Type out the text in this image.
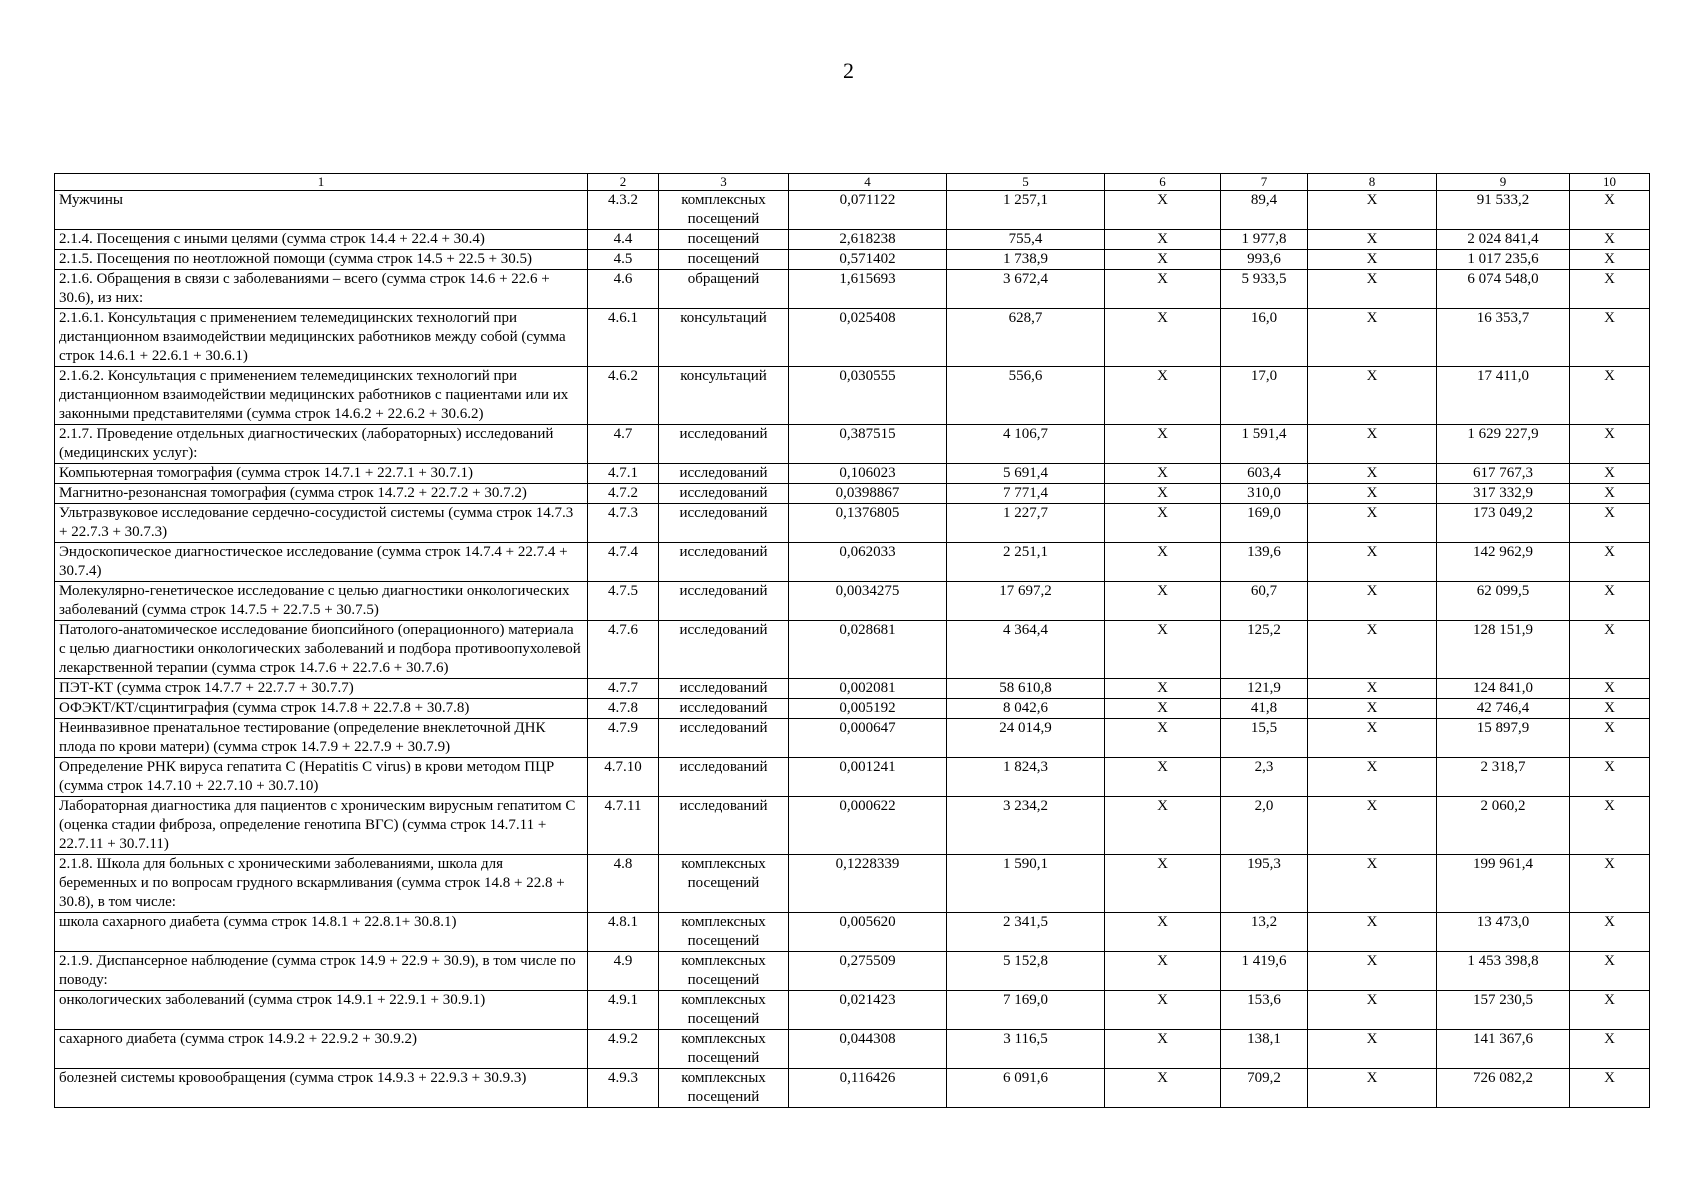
2
1	2	3	4	5	6	7	8	9	10
Мужчины	4.3.2	комплексных посещений	0,071122	1 257,1	X	89,4	X	91 533,2	X
2.1.4. Посещения с иными целями (сумма строк 14.4 + 22.4 + 30.4)	4.4	посещений	2,618238	755,4	X	1 977,8	X	2 024 841,4	X
2.1.5. Посещения по неотложной помощи (сумма строк 14.5 + 22.5 + 30.5)	4.5	посещений	0,571402	1 738,9	X	993,6	X	1 017 235,6	X
2.1.6. Обращения в связи с заболеваниями – всего (сумма строк 14.6 + 22.6 + 30.6), из них:	4.6	обращений	1,615693	3 672,4	X	5 933,5	X	6 074 548,0	X
2.1.6.1. Консультация с применением телемедицинских технологий при дистанционном взаимодействии медицинских работников между собой (сумма строк 14.6.1 + 22.6.1 + 30.6.1)	4.6.1	консультаций	0,025408	628,7	X	16,0	X	16 353,7	X
2.1.6.2. Консультация с применением телемедицинских технологий при дистанционном взаимодействии медицинских работников с пациентами или их законными представителями (сумма строк 14.6.2 + 22.6.2 + 30.6.2)	4.6.2	консультаций	0,030555	556,6	X	17,0	X	17 411,0	X
2.1.7. Проведение отдельных диагностических (лабораторных) исследований (медицинских услуг):	4.7	исследований	0,387515	4 106,7	X	1 591,4	X	1 629 227,9	X
Компьютерная томография (сумма строк 14.7.1 + 22.7.1 + 30.7.1)	4.7.1	исследований	0,106023	5 691,4	X	603,4	X	617 767,3	X
Магнитно-резонансная томография (сумма строк 14.7.2 + 22.7.2 + 30.7.2)	4.7.2	исследований	0,0398867	7 771,4	X	310,0	X	317 332,9	X
Ультразвуковое исследование сердечно-сосудистой системы (сумма строк 14.7.3 + 22.7.3 + 30.7.3)	4.7.3	исследований	0,1376805	1 227,7	X	169,0	X	173 049,2	X
Эндоскопическое диагностическое исследование (сумма строк 14.7.4 + 22.7.4 + 30.7.4)	4.7.4	исследований	0,062033	2 251,1	X	139,6	X	142 962,9	X
Молекулярно-генетическое исследование с целью диагностики онкологических заболеваний (сумма строк 14.7.5 + 22.7.5 + 30.7.5)	4.7.5	исследований	0,0034275	17 697,2	X	60,7	X	62 099,5	X
Патолого-анатомическое исследование биопсийного (операционного) материала с целью диагностики онкологических заболеваний и подбора противоопухолевой лекарственной терапии (сумма строк 14.7.6 + 22.7.6 + 30.7.6)	4.7.6	исследований	0,028681	4 364,4	X	125,2	X	128 151,9	X
ПЭТ-КТ (сумма строк 14.7.7 + 22.7.7 + 30.7.7)	4.7.7	исследований	0,002081	58 610,8	X	121,9	X	124 841,0	X
ОФЭКТ/КТ/сцинтиграфия (сумма строк 14.7.8 + 22.7.8 + 30.7.8)	4.7.8	исследований	0,005192	8 042,6	X	41,8	X	42 746,4	X
Неинвазивное пренатальное тестирование (определение внеклеточной ДНК плода по крови матери) (сумма строк 14.7.9 + 22.7.9 + 30.7.9)	4.7.9	исследований	0,000647	24 014,9	X	15,5	X	15 897,9	X
Определение РНК вируса гепатита С (Hepatitis C virus) в крови методом ПЦР (сумма строк 14.7.10 + 22.7.10 + 30.7.10)	4.7.10	исследований	0,001241	1 824,3	X	2,3	X	2 318,7	X
Лабораторная диагностика для пациентов с хроническим вирусным гепатитом С (оценка стадии фиброза, определение генотипа ВГС) (сумма строк 14.7.11 + 22.7.11 + 30.7.11)	4.7.11	исследований	0,000622	3 234,2	X	2,0	X	2 060,2	X
2.1.8. Школа для больных с хроническими заболеваниями, школа для беременных и по вопросам грудного вскармливания (сумма строк 14.8 + 22.8 + 30.8), в том числе:	4.8	комплексных посещений	0,1228339	1 590,1	X	195,3	X	199 961,4	X
школа сахарного диабета (сумма строк 14.8.1 + 22.8.1+ 30.8.1)	4.8.1	комплексных посещений	0,005620	2 341,5	X	13,2	X	13 473,0	X
2.1.9. Диспансерное наблюдение (сумма строк 14.9 + 22.9 + 30.9), в том числе по поводу:	4.9	комплексных посещений	0,275509	5 152,8	X	1 419,6	X	1 453 398,8	X
онкологических заболеваний (сумма строк 14.9.1 + 22.9.1 + 30.9.1)	4.9.1	комплексных посещений	0,021423	7 169,0	X	153,6	X	157 230,5	X
сахарного диабета (сумма строк 14.9.2 + 22.9.2 + 30.9.2)	4.9.2	комплексных посещений	0,044308	3 116,5	X	138,1	X	141 367,6	X
болезней системы кровообращения (сумма строк 14.9.3 + 22.9.3 + 30.9.3)	4.9.3	комплексных посещений	0,116426	6 091,6	X	709,2	X	726 082,2	X
